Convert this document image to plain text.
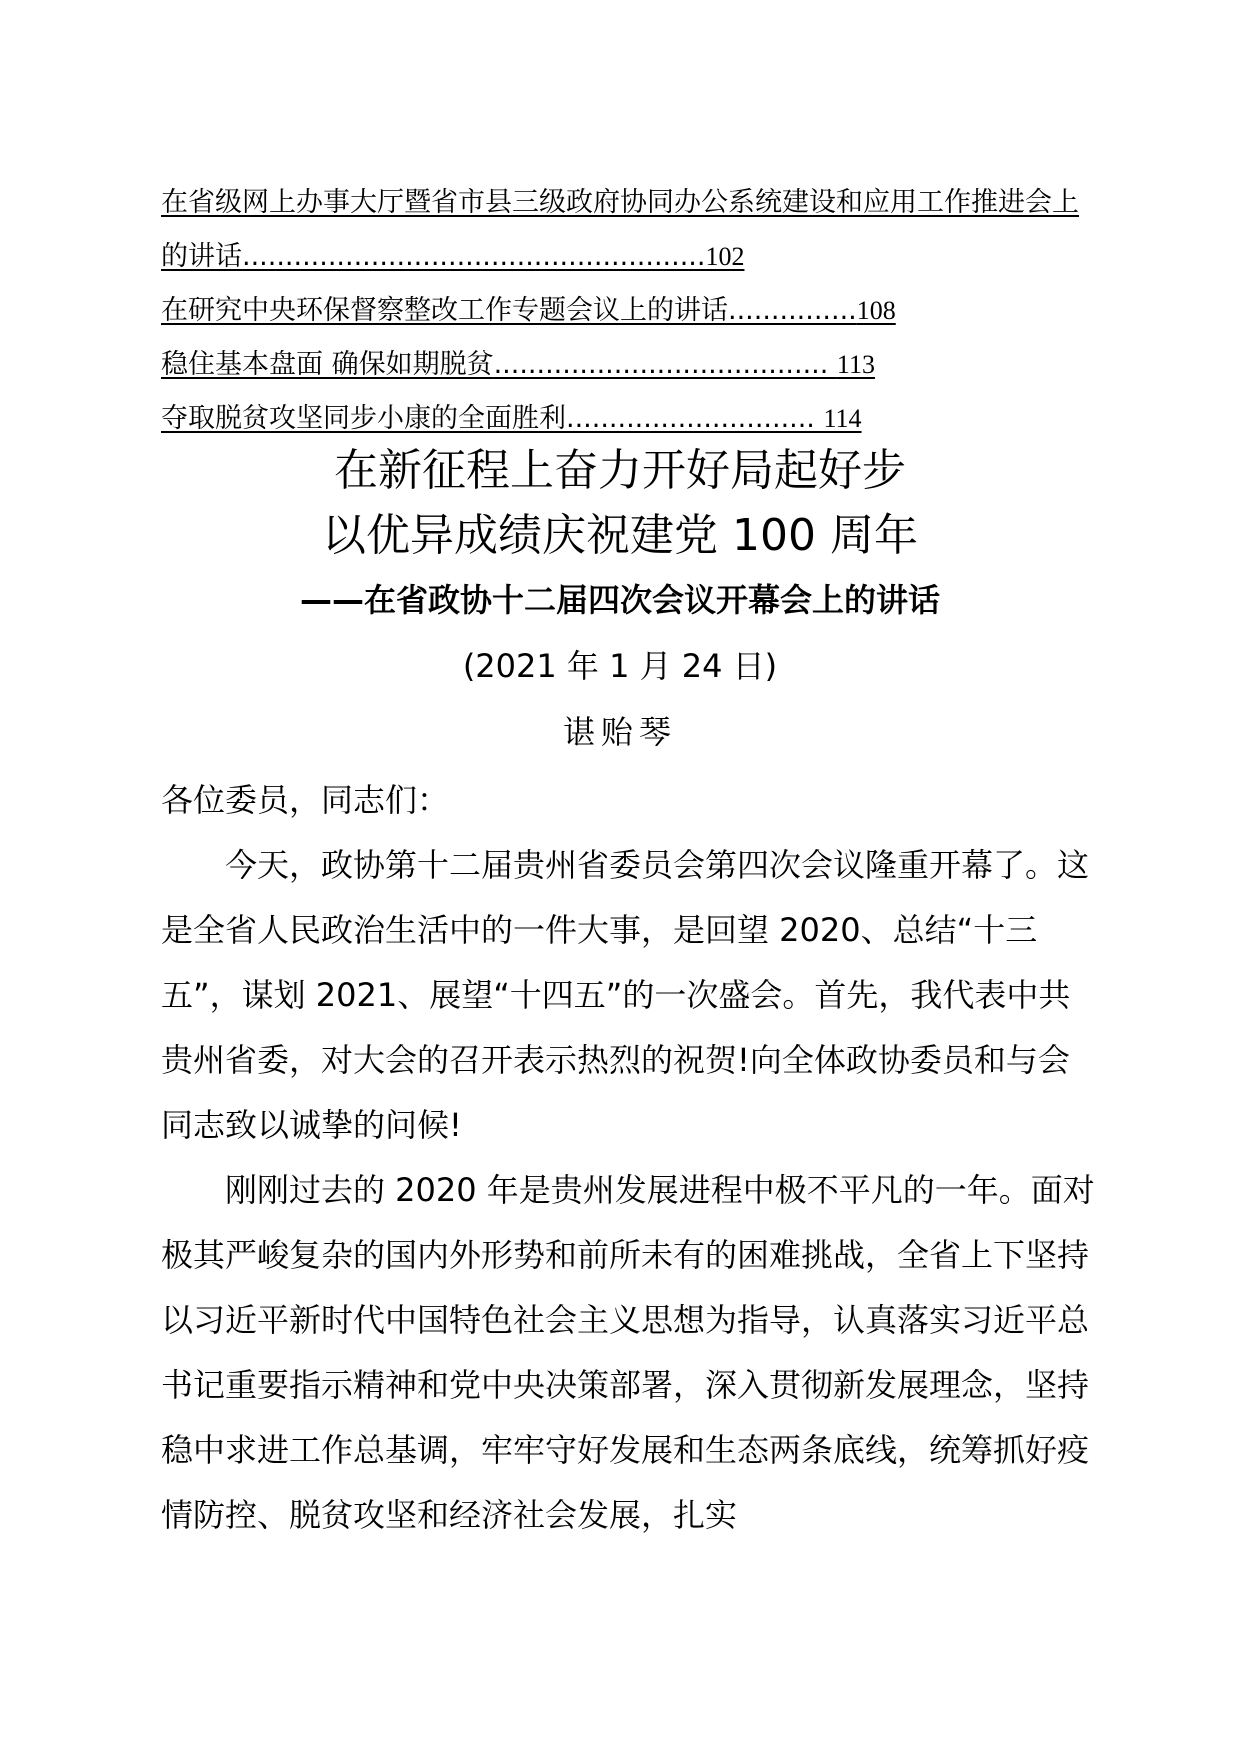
在省级网上办事大厅暨省市县三级政府协同办公系统建设和应用工作推进会上的讲话......................................................102
在研究中央环保督察整改工作专题会议上的讲话...............108
稳住基本盘面 确保如期脱贫....................................... 113
夺取脱贫攻坚同步小康的全面胜利............................. 114
在新征程上奋力开好局起好步
以优异成绩庆祝建党 100 周年
——在省政协十二届四次会议开幕会上的讲话
(2021 年 1 月 24 日)
谌贻琴

各位委员，同志们：

今天，政协第十二届贵州省委员会第四次会议隆重开幕了。这是全省人民政治生活中的一件大事，是回望 2020、总结“十三五”，谋划 2021、展望“十四五”的一次盛会。首先，我代表中共贵州省委，对大会的召开表示热烈的祝贺!向全体政协委员和与会同志致以诚挚的问候!

刚刚过去的 2020 年是贵州发展进程中极不平凡的一年。面对极其严峻复杂的国内外形势和前所未有的困难挑战，全省上下坚持以习近平新时代中国特色社会主义思想为指导，认真落实习近平总书记重要指示精神和党中央决策部署，深入贯彻新发展理念，坚持稳中求进工作总基调，牢牢守好发展和生态两条底线，统筹抓好疫情防控、脱贫攻坚和经济社会发展，扎实
